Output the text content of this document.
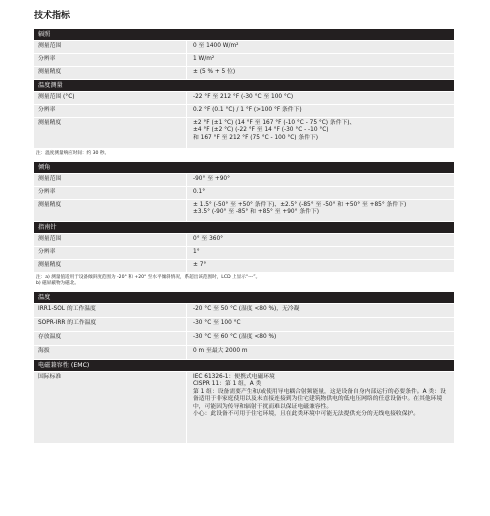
技术指标
辐照
测量范围	0 至 1400 W/m²
分辨率	1 W/m²
测量精度	± (5 % + 5 位)
温度测量
测量范围 (°C)	-22 °F 至 212 °F (-30 °C 至 100 °C)
分辨率	0.2 °F (0.1 °C) / 1 °F (>100 °F 条件下)
测量精度	±2 °F (±1 °C) (14 °F 至 167 °F (-10 °C - 75 °C) 条件下)、
±4 °F (±2 °C) (-22 °F 至 14 °F (-30 °C - -10 °C)
和 167 °F 至 212 °F (75 °C - 100 °C) 条件下)
注：温度测量响应时间：约 30 秒。
倾角
测量范围	-90° 至 +90°
分辨率	0.1°
测量精度	± 1.5° (-50° 至 +50° 条件下)、±2.5° (-85° 至 -50° 和 +50° 至 +85° 条件下)
±3.5° (-90° 至 -85° 和 +85° 至 +90° 条件下)
指南针
测量范围	0° 至 360°
分辨率	1°
测量精度	± 7°
注：a) 测量值适用于设备倾斜度范围为 -20° 和 +20° 至水平倾斜情况，系超出该范围时，LCD 上显示“---”。
b) 磁屏蔽物为磁北。
温度
IRR1-SOL 的工作温度	-20 °C 至 50 °C (湿度 <80 %)，无冷凝
SOPR-IRR 的工作温度	-30 °C 至 100 °C
存放温度	-30 °C 至 60 °C (湿度 <80 %)
海拔	0 m 至最大 2000 m
电磁兼容性 (EMC)
国际标准	IEC 61326-1：便携式电磁环境
CISPR 11：第 1 组，A 类
第 1 组：设备需要产生和/或使用导电耦合射频能量，这是设备自身内部运行的必要条件。A 类：设备适用于非家庭使用以及未直接连接到为住宅建筑物供电的低电压网络的任意设备中。在其他环境中，可能因为传导和辐射干扰而难以保证电磁兼容性。
小心：此设备不可用于住宅环境，且在此类环境中可能无法提供充分的无线电接收保护。
